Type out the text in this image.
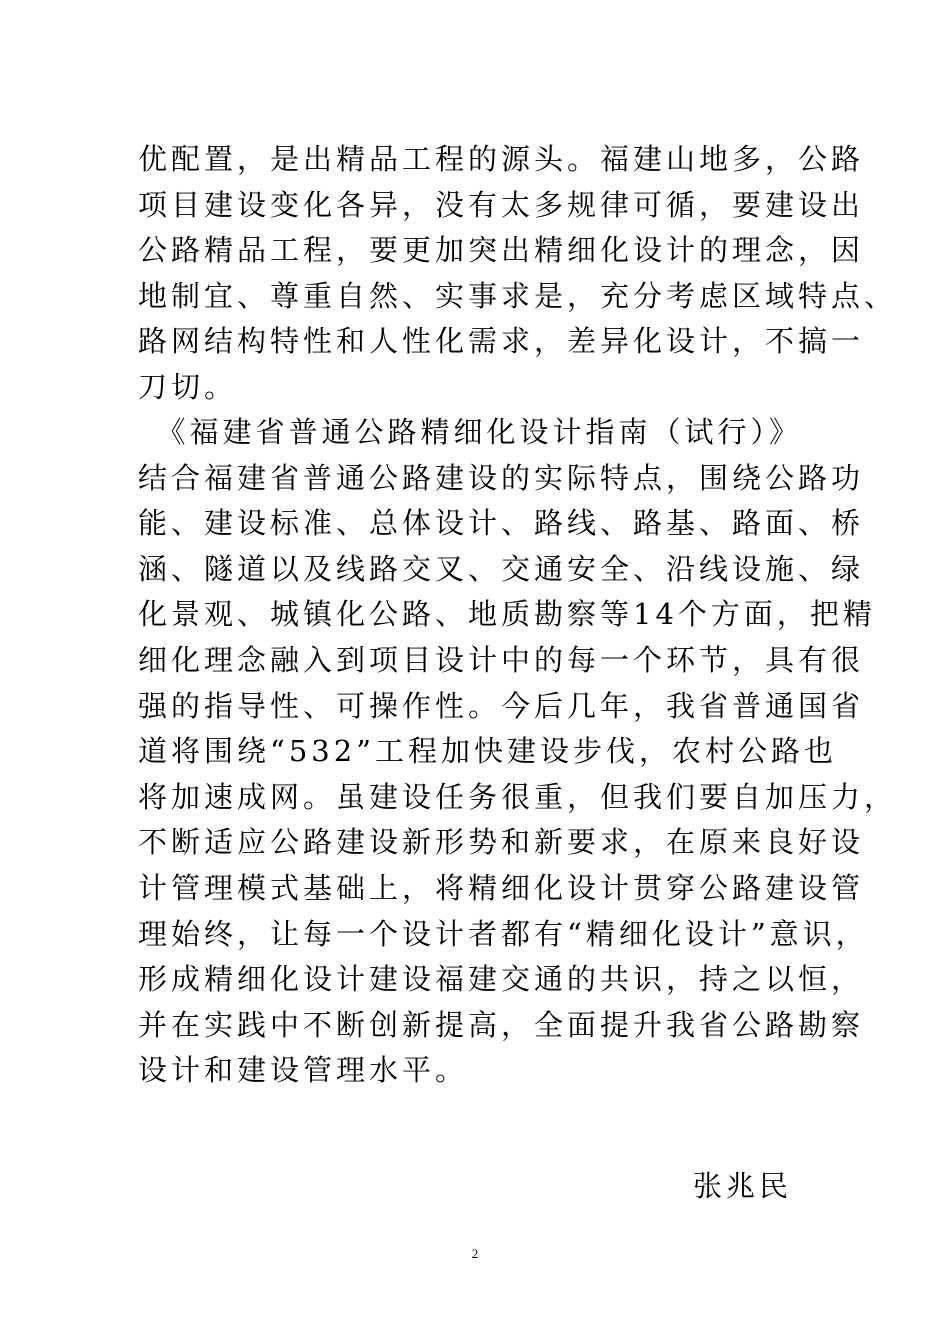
优配置，是出精品工程的源头。福建山地多，公路
项目建设变化各异，没有太多规律可循，要建设出
公路精品工程，要更加突出精细化设计的理念，因
地制宜、尊重自然、实事求是，充分考虑区域特点、
路网结构特性和人性化需求，差异化设计，不搞一
刀切。
　《福建省普通公路精细化设计指南（试行）》
结合福建省普通公路建设的实际特点，围绕公路功
能、建设标准、总体设计、路线、路基、路面、桥
涵、隧道以及线路交叉、交通安全、沿线设施、绿
化景观、城镇化公路、地质勘察等14个方面，把精
细化理念融入到项目设计中的每一个环节，具有很
强的指导性、可操作性。今后几年，我省普通国省
道将围绕“532”工程加快建设步伐，农村公路也
将加速成网。虽建设任务很重，但我们要自加压力，
不断适应公路建设新形势和新要求，在原来良好设
计管理模式基础上，将精细化设计贯穿公路建设管
理始终，让每一个设计者都有“精细化设计”意识，
形成精细化设计建设福建交通的共识，持之以恒，
并在实践中不断创新提高，全面提升我省公路勘察
设计和建设管理水平。
张兆民
2
